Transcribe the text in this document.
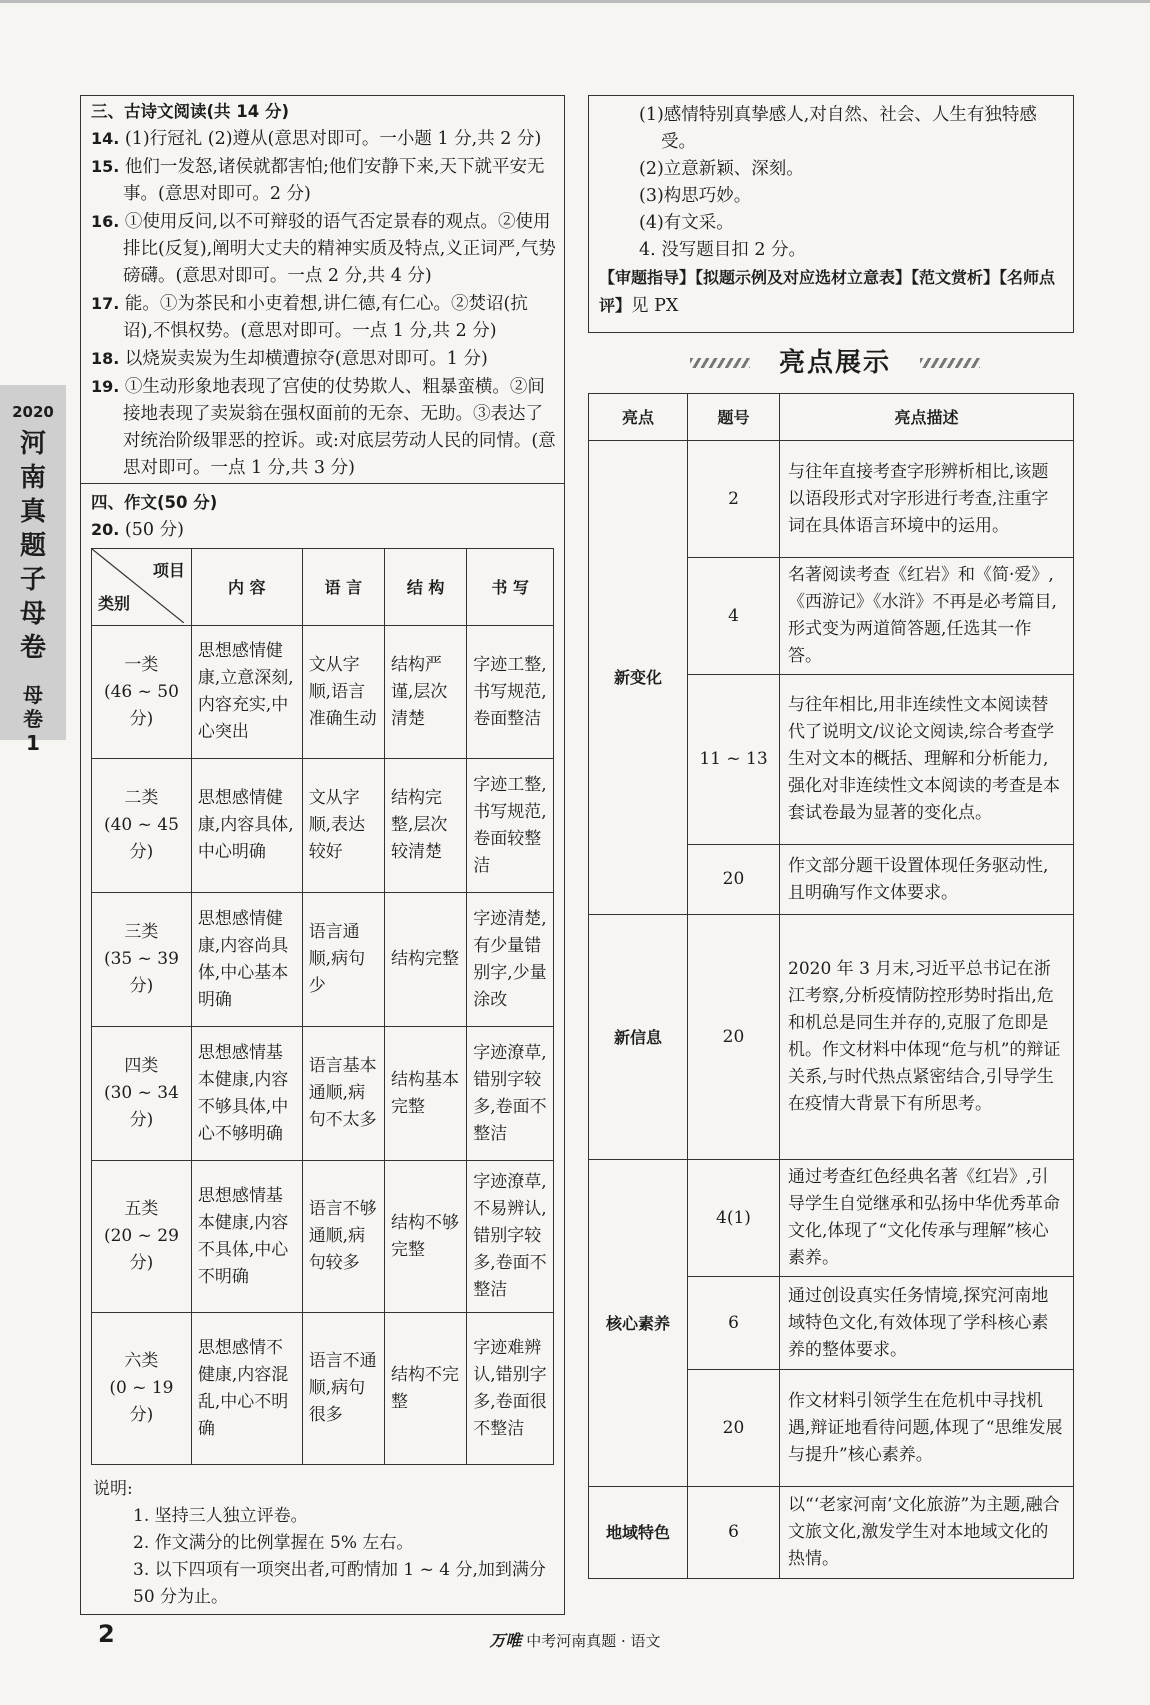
2020
河南真题子母卷
母卷1

三、古诗文阅读(共 14 分)

14. (1)行冠礼 (2)遵从(意思对即可。一小题 1 分,共 2 分)

15. 他们一发怒,诸侯就都害怕;他们安静下来,天下就平安无事。(意思对即可。2 分)

16. ①使用反问,以不可辩驳的语气否定景春的观点。②使用排比(反复),阐明大丈夫的精神实质及特点,义正词严,气势磅礴。(意思对即可。一点 2 分,共 4 分)

17. 能。①为茶民和小吏着想,讲仁德,有仁心。②焚诏(抗诏),不惧权势。(意思对即可。一点 1 分,共 2 分)

18. 以烧炭卖炭为生却横遭掠夺(意思对即可。1 分)

19. ①生动形象地表现了宫使的仗势欺人、粗暴蛮横。②间接地表现了卖炭翁在强权面前的无奈、无助。③表达了对统治阶级罪恶的控诉。或:对底层劳动人民的同情。(意思对即可。一点 1 分,共 3 分)

四、作文(50 分)

20. (50 分)

项目
类别	内 容	语 言	结 构	书 写

一类
(46 ~ 50 分)	思想感情健康,立意深刻,内容充实,中心突出	文从字顺,语言准确生动	结构严谨,层次清楚	字迹工整,书写规范,卷面整洁

二类
(40 ~ 45 分)	思想感情健康,内容具体,中心明确	文从字顺,表达较好	结构完整,层次较清楚	字迹工整,书写规范,卷面较整洁

三类
(35 ~ 39 分)	思想感情健康,内容尚具体,中心基本明确	语言通顺,病句少	结构完整	字迹清楚,有少量错别字,少量涂改

四类
(30 ~ 34 分)	思想感情基本健康,内容不够具体,中心不够明确	语言基本通顺,病句不太多	结构基本完整	字迹潦草,错别字较多,卷面不整洁

五类
(20 ~ 29 分)	思想感情基本健康,内容不具体,中心不明确	语言不够通顺,病句较多	结构不够完整	字迹潦草,不易辨认,错别字较多,卷面不整洁

六类
(0 ~ 19 分)	思想感情不健康,内容混乱,中心不明确	语言不通顺,病句很多	结构不完整	字迹难辨认,错别字多,卷面很不整洁

说明:

1. 坚持三人独立评卷。

2. 作文满分的比例掌握在 5% 左右。

3. 以下四项有一项突出者,可酌情加 1 ~ 4 分,加到满分 50 分为止。

(1)感情特别真挚感人,对自然、社会、人生有独特感受。

(2)立意新颖、深刻。

(3)构思巧妙。

(4)有文采。

4. 没写题目扣 2 分。

【审题指导】【拟题示例及对应选材立意表】【范文赏析】【名师点评】见 PX

亮点展示
亮点	题号	亮点描述
新变化	2	与往年直接考查字形辨析相比,该题以语段形式对字形进行考查,注重字词在具体语言环境中的运用。
	4	名著阅读考查《红岩》和《简·爱》,《西游记》《水浒》不再是必考篇目,形式变为两道简答题,任选其一作答。
	11 ~ 13	与往年相比,用非连续性文本阅读替代了说明文/议论文阅读,综合考查学生对文本的概括、理解和分析能力,强化对非连续性文本阅读的考查是本套试卷最为显著的变化点。
	20	作文部分题干设置体现任务驱动性,且明确写作文体要求。
新信息	20	2020 年 3 月末,习近平总书记在浙江考察,分析疫情防控形势时指出,危和机总是同生并存的,克服了危即是机。作文材料中体现“危与机”的辩证关系,与时代热点紧密结合,引导学生在疫情大背景下有所思考。
核心素养	4(1)	通过考查红色经典名著《红岩》,引导学生自觉继承和弘扬中华优秀革命文化,体现了“文化传承与理解”核心素养。
	6	通过创设真实任务情境,探究河南地域特色文化,有效体现了学科核心素养的整体要求。
	20	作文材料引领学生在危机中寻找机遇,辩证地看待问题,体现了“思维发展与提升”核心素养。
地域特色	6	以“‘老家河南’文化旅游”为主题,融合文旅文化,激发学生对本地域文化的热情。
2	万唯 中考河南真题 · 语文
